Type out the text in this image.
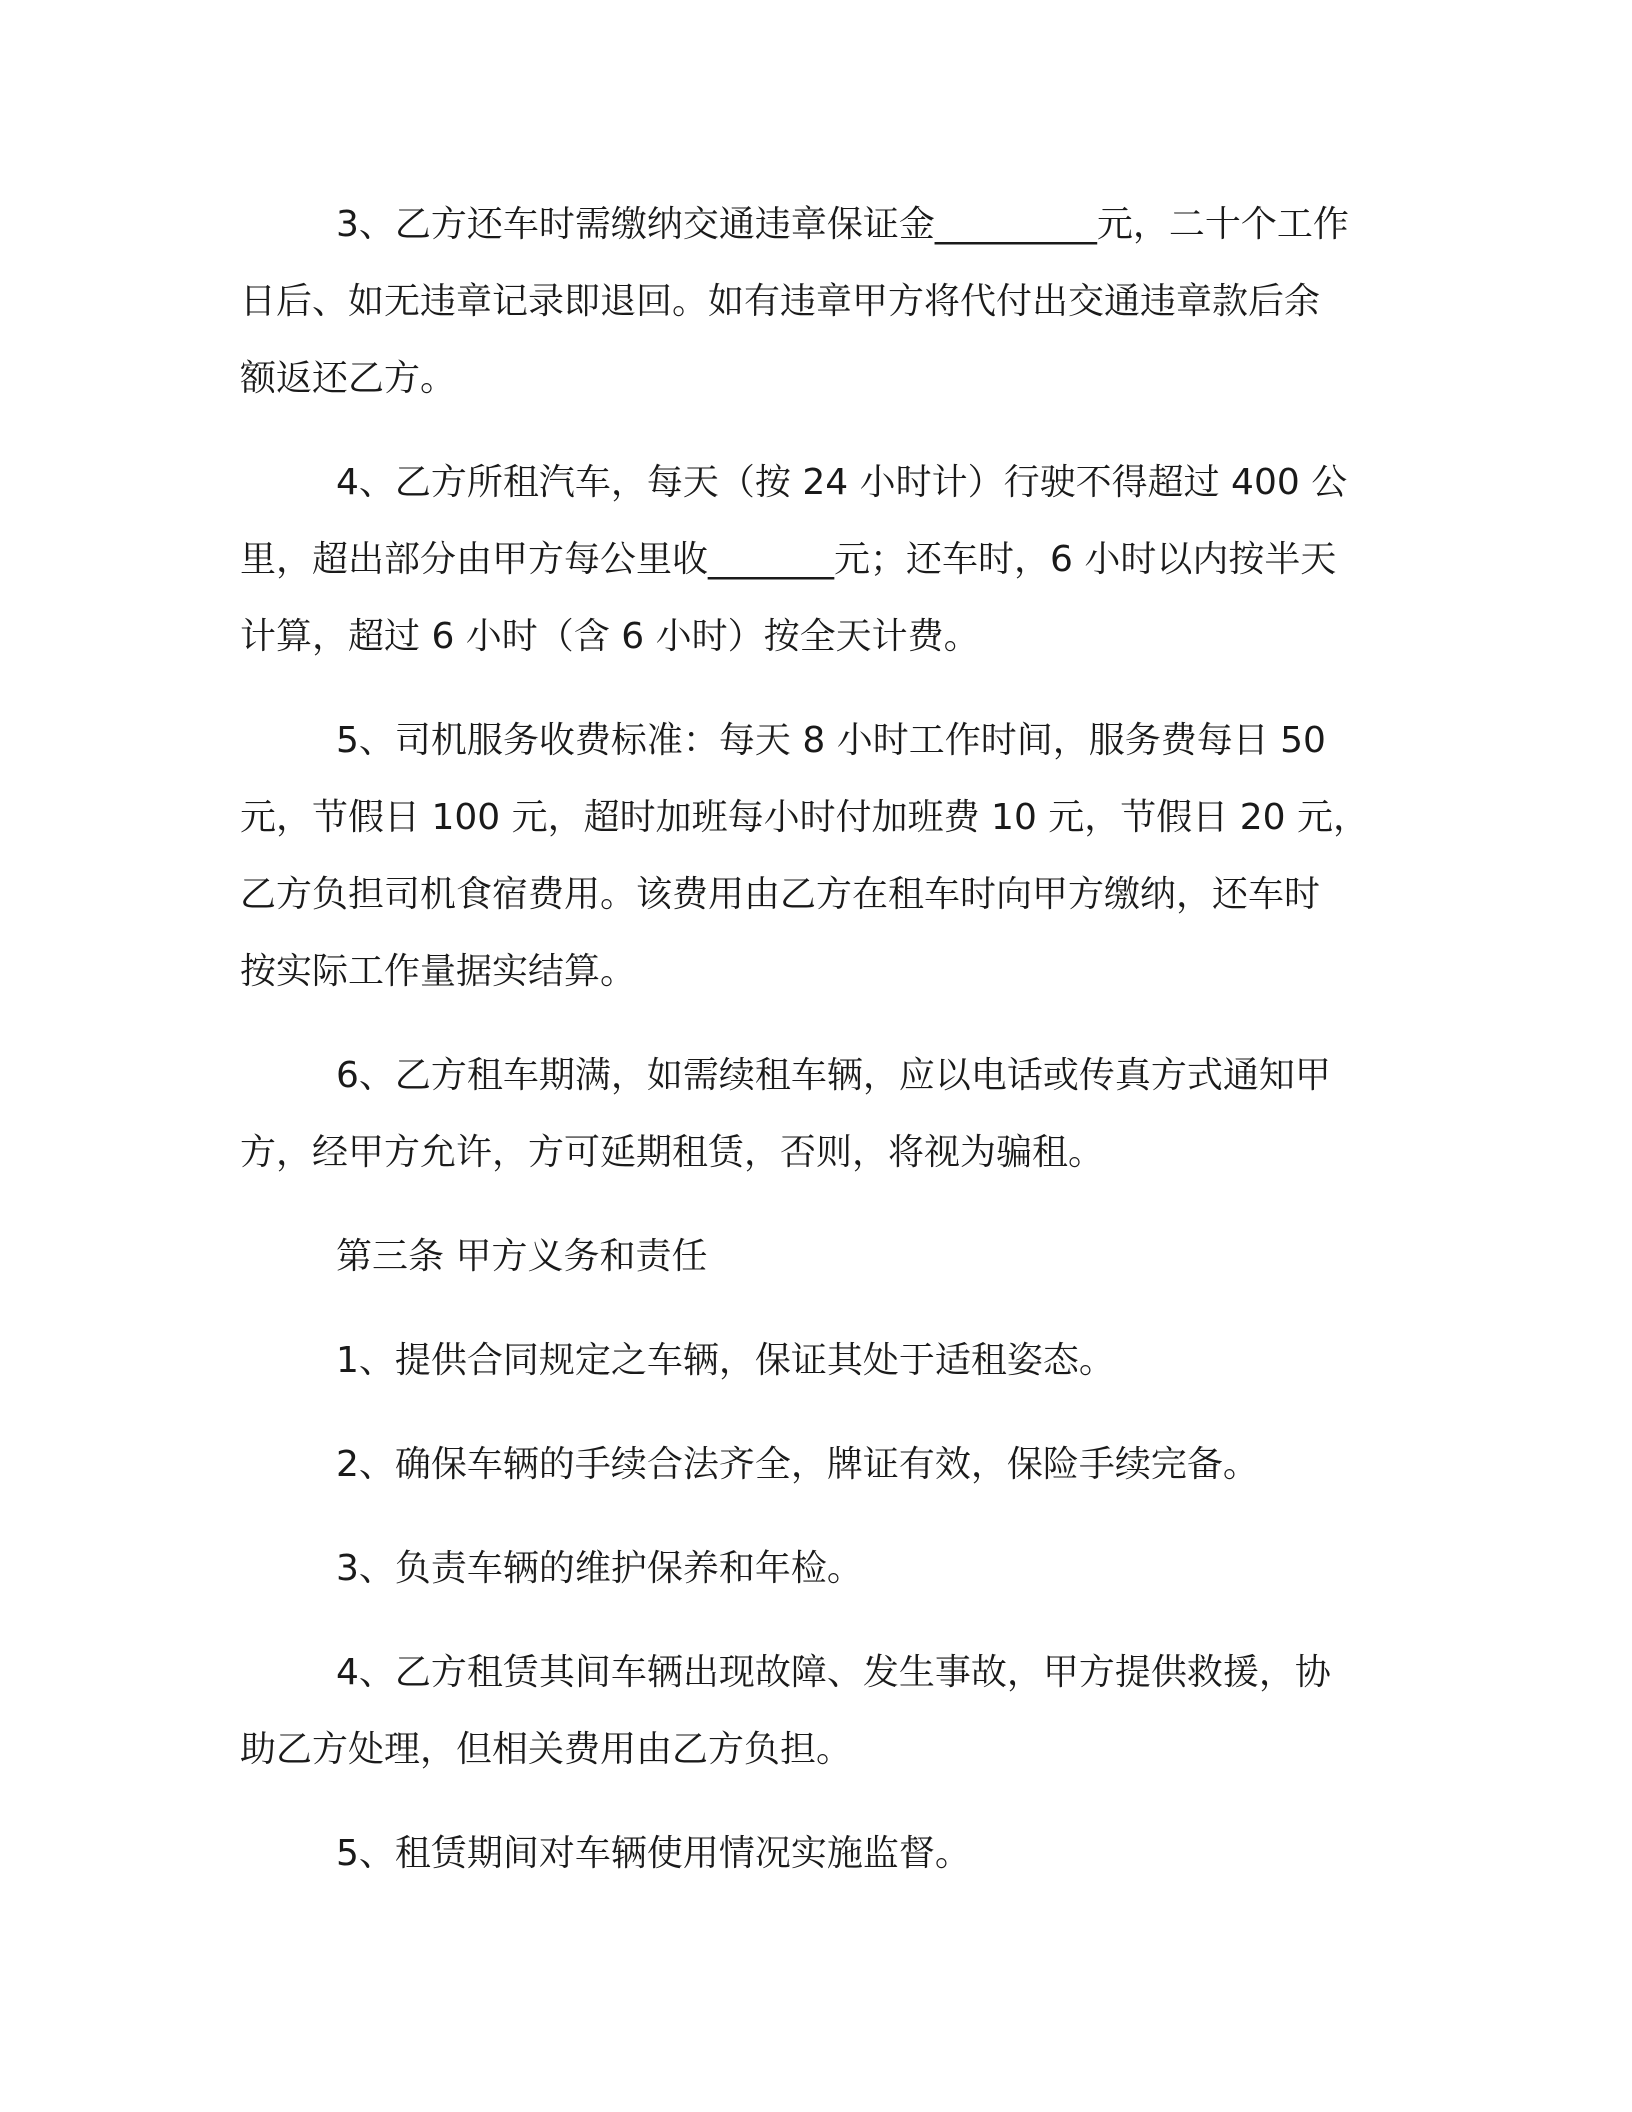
3、乙方还车时需缴纳交通违章保证金_________元，二十个工作
日后、如无违章记录即退回。如有违章甲方将代付出交通违章款后余
额返还乙方。
4、乙方所租汽车，每天（按 24 小时计）行驶不得超过 400 公
里，超出部分由甲方每公里收_______元；还车时，6 小时以内按半天
计算，超过 6 小时（含 6 小时）按全天计费。
5、司机服务收费标准：每天 8 小时工作时间，服务费每日 50
元，节假日 100 元，超时加班每小时付加班费 10 元，节假日 20 元，
乙方负担司机食宿费用。该费用由乙方在租车时向甲方缴纳，还车时
按实际工作量据实结算。
6、乙方租车期满，如需续租车辆，应以电话或传真方式通知甲
方，经甲方允许，方可延期租赁，否则，将视为骗租。
第三条 甲方义务和责任
1、提供合同规定之车辆，保证其处于适租姿态。
2、确保车辆的手续合法齐全，牌证有效，保险手续完备。
3、负责车辆的维护保养和年检。
4、乙方租赁其间车辆出现故障、发生事故，甲方提供救援，协
助乙方处理，但相关费用由乙方负担。
5、租赁期间对车辆使用情况实施监督。
